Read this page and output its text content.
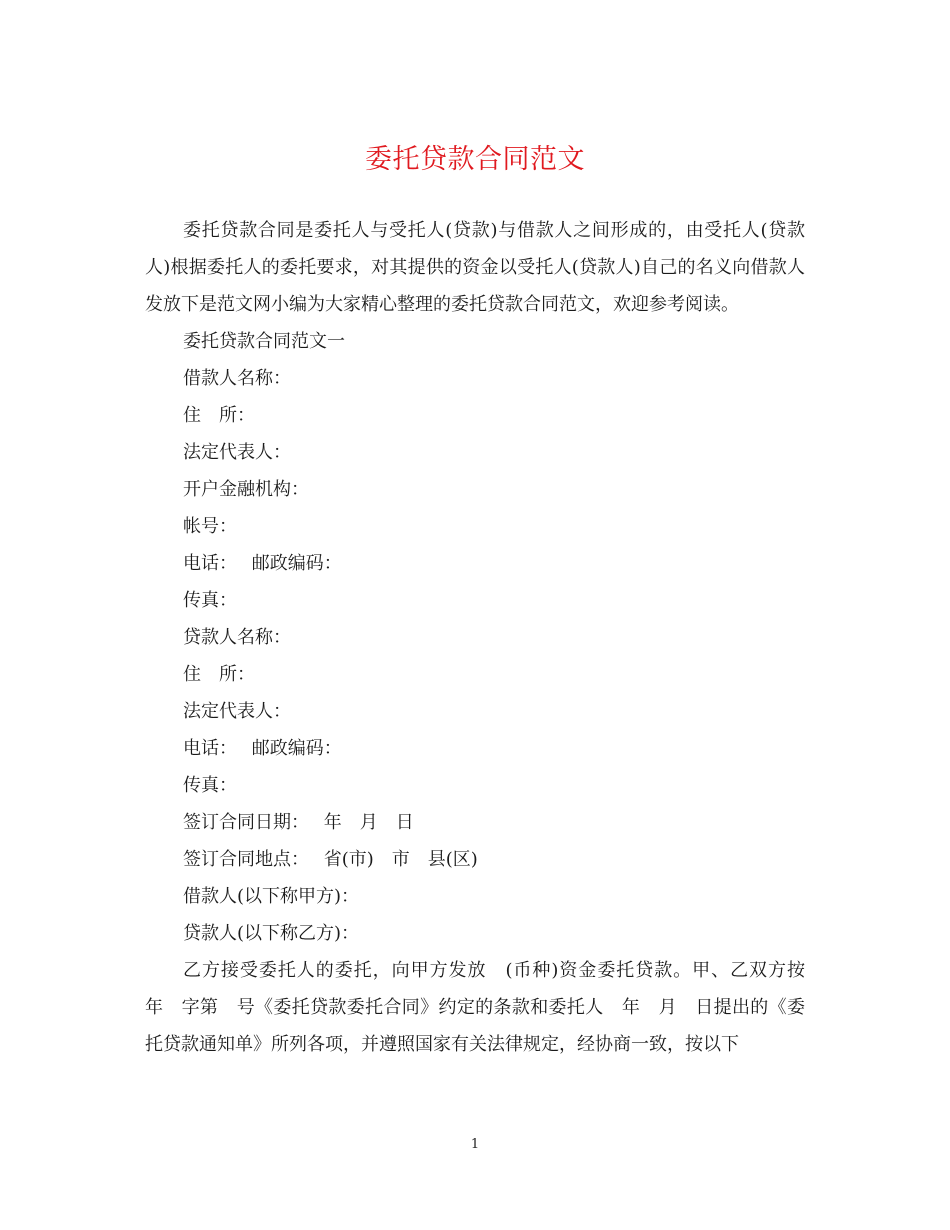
委托贷款合同范文

委托贷款合同是委托人与受托人(贷款)与借款人之间形成的，由受托人(贷款人)根据委托人的委托要求，对其提供的资金以受托人(贷款人)自己的名义向借款人发放下是范文网小编为大家精心整理的委托贷款合同范文，欢迎参考阅读。

委托贷款合同范文一

借款人名称：

住　所：

法定代表人：

开户金融机构：

帐号：

电话：　 邮政编码：

传真：

贷款人名称：

住　所：

法定代表人：

电话：　 邮政编码：

传真：

签订合同日期：　 年　月　日

签订合同地点：　 省(市)　市　县(区)

借款人(以下称甲方)：

贷款人(以下称乙方)：

乙方接受委托人的委托，向甲方发放　(币种)资金委托贷款。甲、乙双方按　年　字第　号《委托贷款委托合同》约定的条款和委托人　年　月　日提出的《委托贷款通知单》所列各项，并遵照国家有关法律规定，经协商一致，按以下

1
